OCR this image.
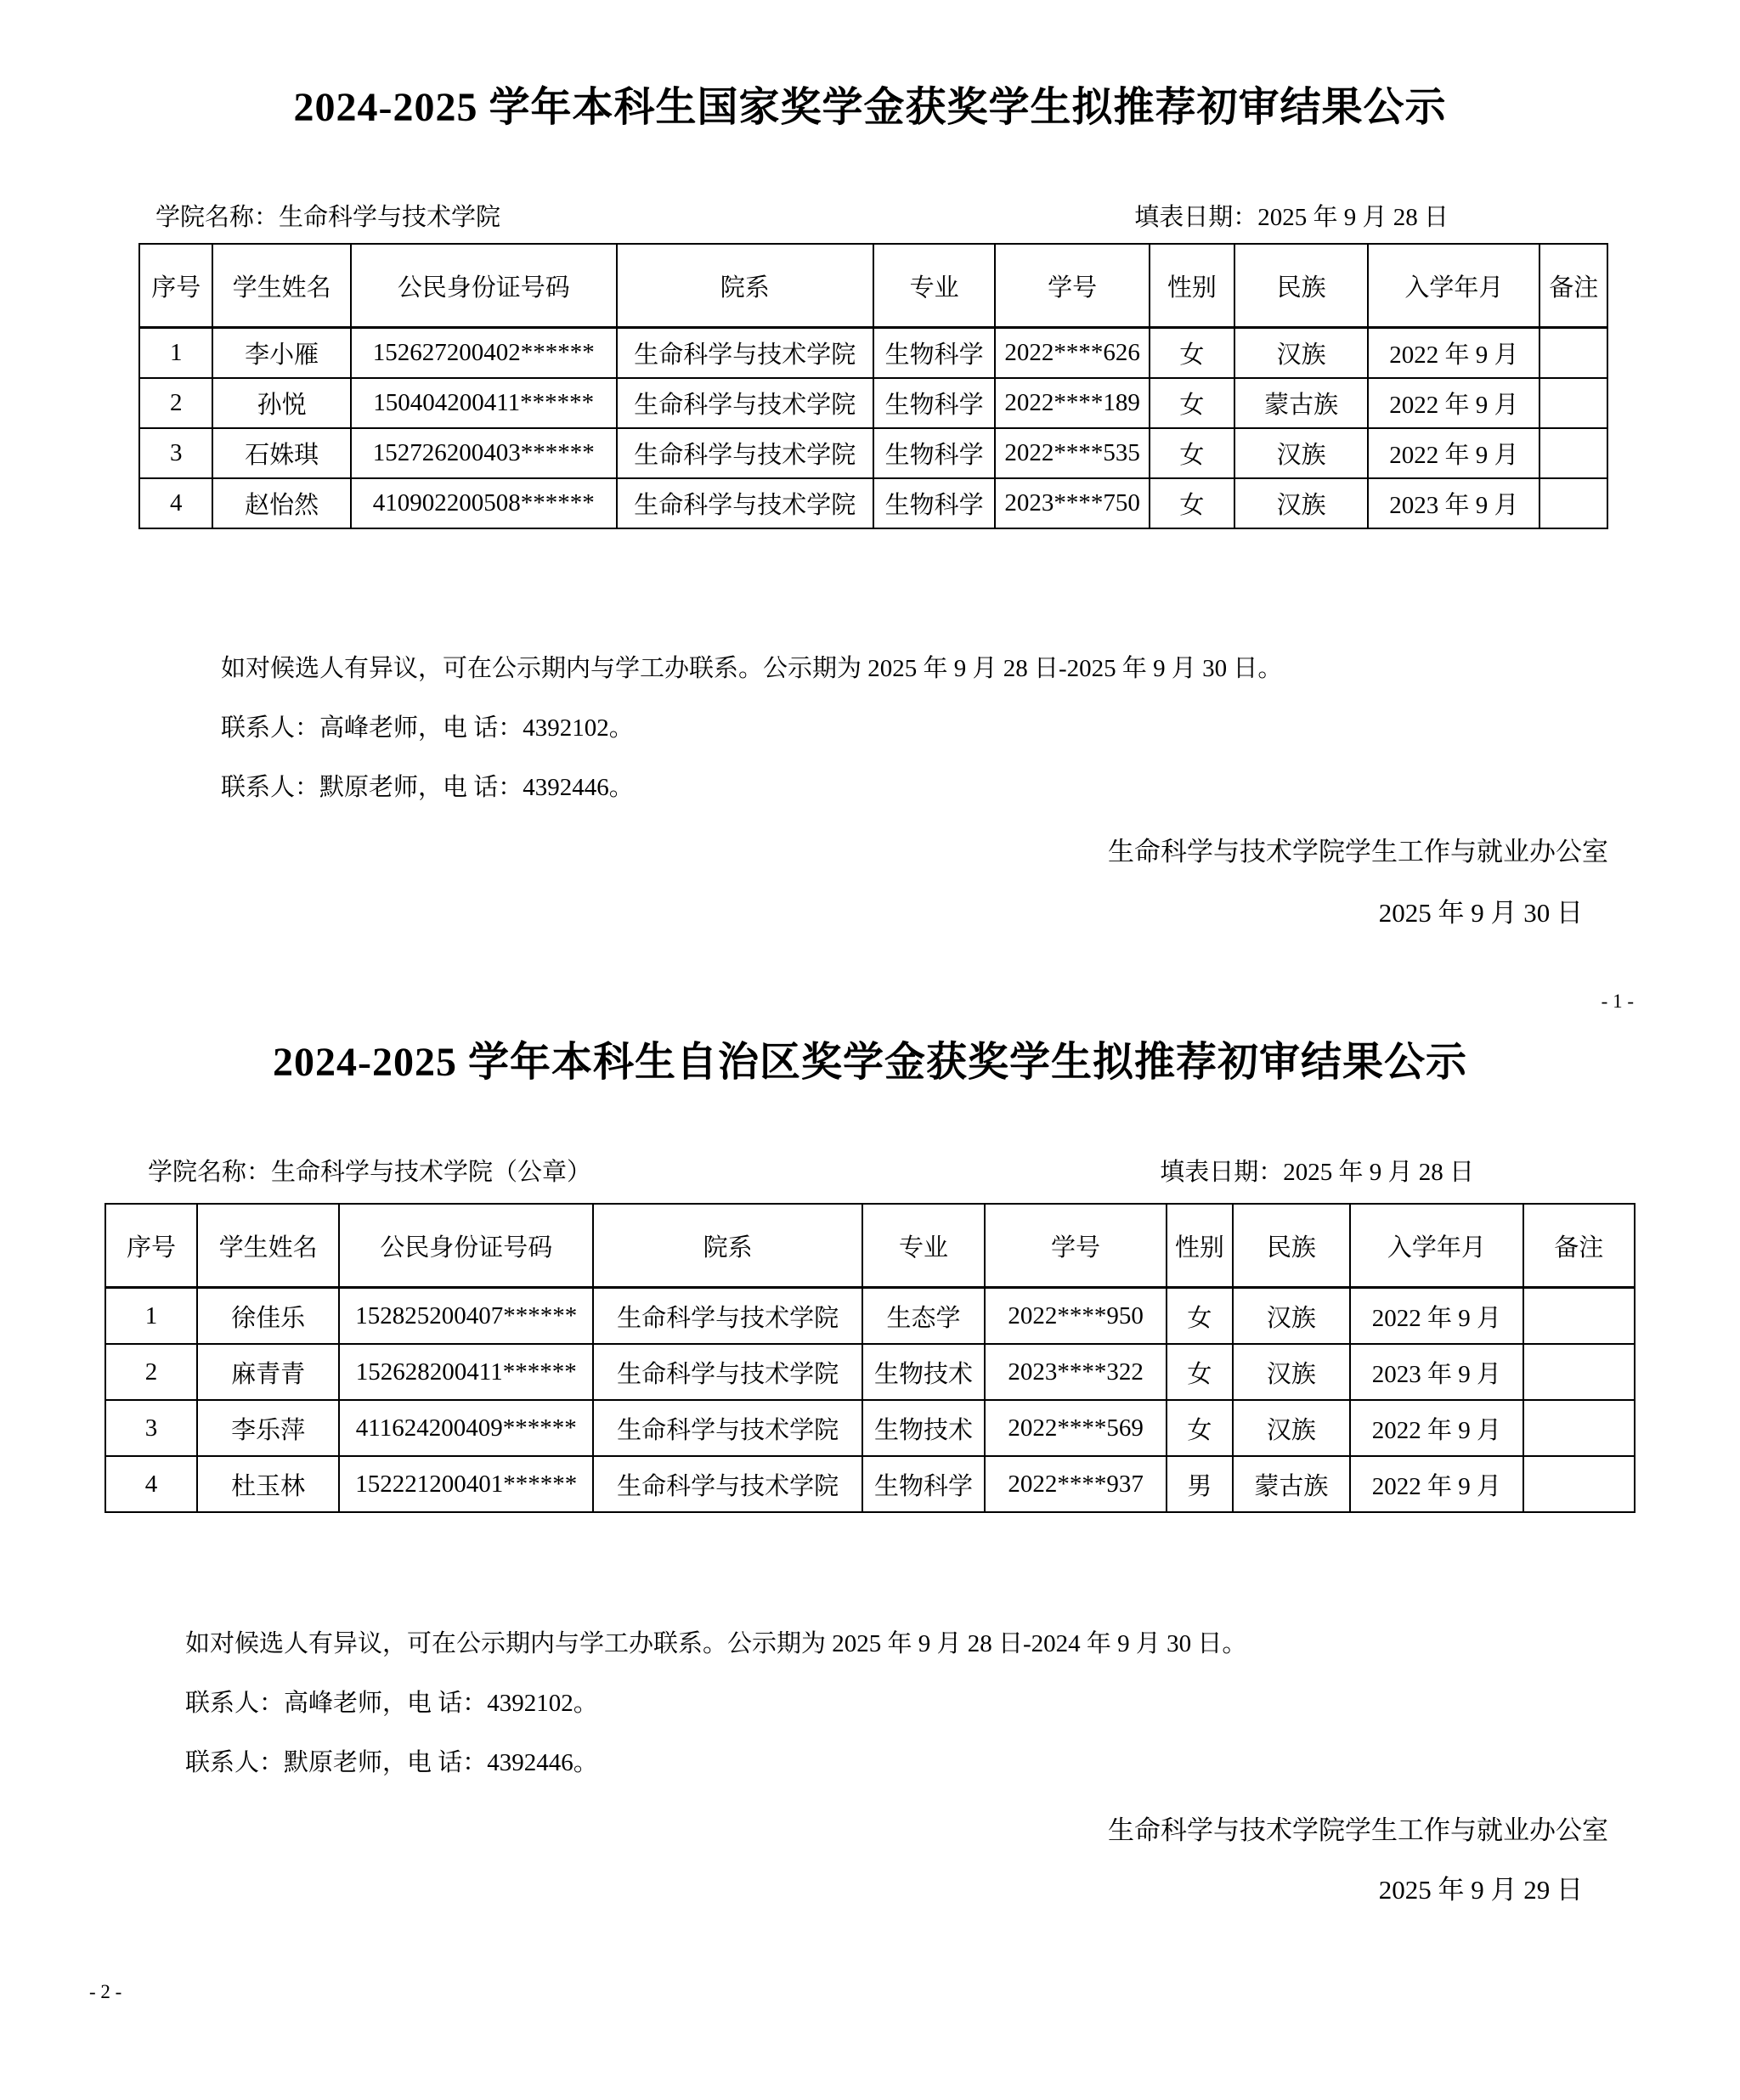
2024-2025 学年本科生国家奖学金获奖学生拟推荐初审结果公示
学院名称：生命科学与技术学院	填表日期：2025 年 9 月 28 日
序号	学生姓名	公民身份证号码	院系	专业	学号	性别	民族	入学年月	备注
1	李小雁	152627200402******	生命科学与技术学院	生物科学	2022****626	女	汉族	2022 年 9 月	
2	孙悦	150404200411******	生命科学与技术学院	生物科学	2022****189	女	蒙古族	2022 年 9 月	
3	石姝琪	152726200403******	生命科学与技术学院	生物科学	2022****535	女	汉族	2022 年 9 月	
4	赵怡然	410902200508******	生命科学与技术学院	生物科学	2023****750	女	汉族	2023 年 9 月	

如对候选人有异议，可在公示期内与学工办联系。公示期为 2025 年 9 月 28 日-2025 年 9 月 30 日。

联系人：高峰老师，电 话：4392102。

联系人：默原老师，电 话：4392446。

生命科学与技术学院学生工作与就业办公室
2025 年 9 月 30 日
- 1 -
2024-2025 学年本科生自治区奖学金获奖学生拟推荐初审结果公示
学院名称：生命科学与技术学院（公章）	填表日期：2025 年 9 月 28 日
序号	学生姓名	公民身份证号码	院系	专业	学号	性别	民族	入学年月	备注
1	徐佳乐	152825200407******	生命科学与技术学院	生态学	2022****950	女	汉族	2022 年 9 月	
2	麻青青	152628200411******	生命科学与技术学院	生物技术	2023****322	女	汉族	2023 年 9 月	
3	李乐萍	411624200409******	生命科学与技术学院	生物技术	2022****569	女	汉族	2022 年 9 月	
4	杜玉林	152221200401******	生命科学与技术学院	生物科学	2022****937	男	蒙古族	2022 年 9 月	

如对候选人有异议，可在公示期内与学工办联系。公示期为 2025 年 9 月 28 日-2024 年 9 月 30 日。

联系人：高峰老师，电 话：4392102。

联系人：默原老师，电 话：4392446。

生命科学与技术学院学生工作与就业办公室
2025 年 9 月 29 日
- 2 -
